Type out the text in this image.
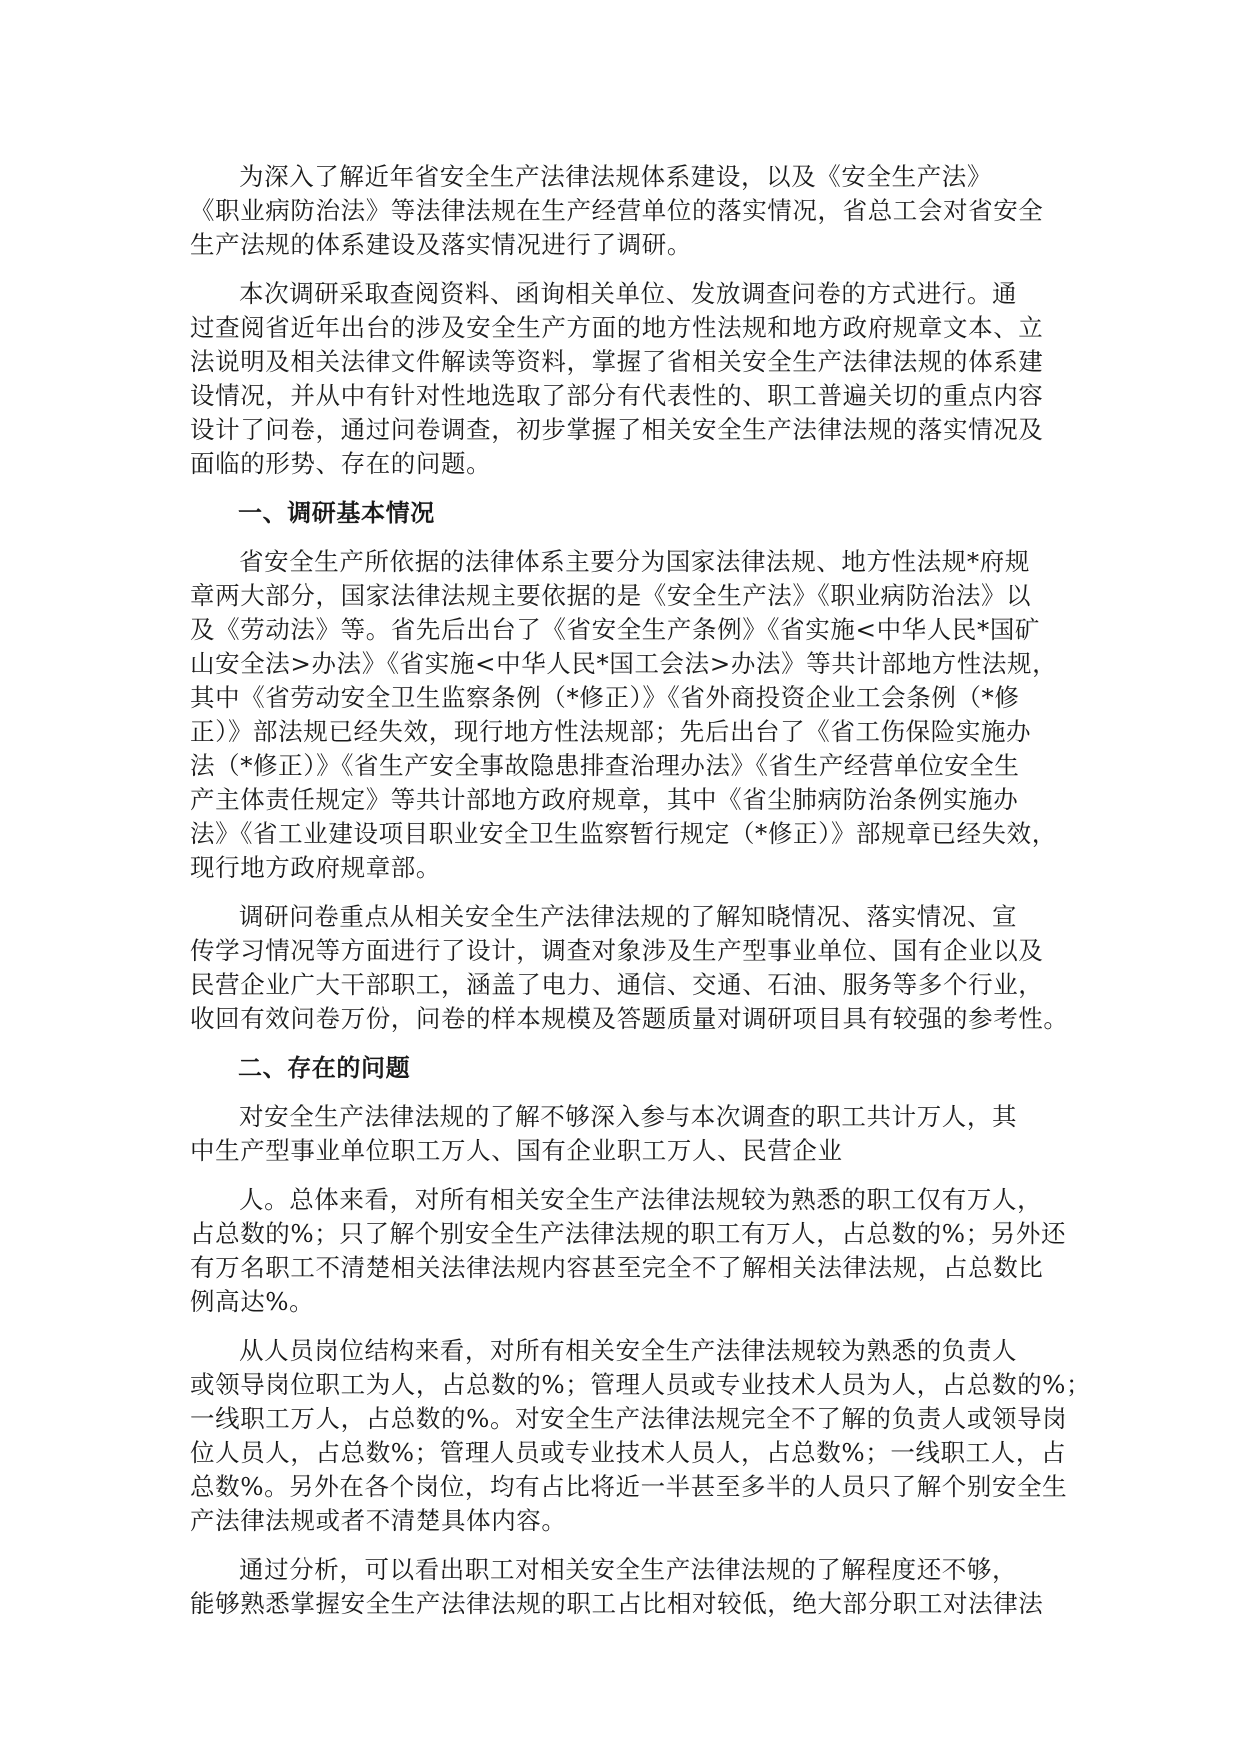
为深入了解近年省安全生产法律法规体系建设，以及《安全生产法》
《职业病防治法》等法律法规在生产经营单位的落实情况，省总工会对省安全
生产法规的体系建设及落实情况进行了调研。
本次调研采取查阅资料、函询相关单位、发放调查问卷的方式进行。通
过查阅省近年出台的涉及安全生产方面的地方性法规和地方政府规章文本、立
法说明及相关法律文件解读等资料，掌握了省相关安全生产法律法规的体系建
设情况，并从中有针对性地选取了部分有代表性的、职工普遍关切的重点内容
设计了问卷，通过问卷调查，初步掌握了相关安全生产法律法规的落实情况及
面临的形势、存在的问题。
一、调研基本情况
省安全生产所依据的法律体系主要分为国家法律法规、地方性法规*府规
章两大部分，国家法律法规主要依据的是《安全生产法》《职业病防治法》以
及《劳动法》等。省先后出台了《省安全生产条例》《省实施<中华人民*国矿
山安全法>办法》《省实施<中华人民*国工会法>办法》等共计部地方性法规，
其中《省劳动安全卫生监察条例（*修正）》《省外商投资企业工会条例（*修
正）》部法规已经失效，现行地方性法规部；先后出台了《省工伤保险实施办
法（*修正）》《省生产安全事故隐患排查治理办法》《省生产经营单位安全生
产主体责任规定》等共计部地方政府规章，其中《省尘肺病防治条例实施办
法》《省工业建设项目职业安全卫生监察暂行规定（*修正）》部规章已经失效，
现行地方政府规章部。
调研问卷重点从相关安全生产法律法规的了解知晓情况、落实情况、宣
传学习情况等方面进行了设计，调查对象涉及生产型事业单位、国有企业以及
民营企业广大干部职工，涵盖了电力、通信、交通、石油、服务等多个行业，
收回有效问卷万份，问卷的样本规模及答题质量对调研项目具有较强的参考性。
二、存在的问题
对安全生产法律法规的了解不够深入参与本次调查的职工共计万人，其
中生产型事业单位职工万人、国有企业职工万人、民营企业
人。总体来看，对所有相关安全生产法律法规较为熟悉的职工仅有万人，
占总数的%；只了解个别安全生产法律法规的职工有万人，占总数的%；另外还
有万名职工不清楚相关法律法规内容甚至完全不了解相关法律法规，占总数比
例高达%。
从人员岗位结构来看，对所有相关安全生产法律法规较为熟悉的负责人
或领导岗位职工为人，占总数的%；管理人员或专业技术人员为人，占总数的%；
一线职工万人，占总数的%。对安全生产法律法规完全不了解的负责人或领导岗
位人员人，占总数%；管理人员或专业技术人员人，占总数%；一线职工人，占
总数%。另外在各个岗位，均有占比将近一半甚至多半的人员只了解个别安全生
产法律法规或者不清楚具体内容。
通过分析，可以看出职工对相关安全生产法律法规的了解程度还不够，
能够熟悉掌握安全生产法律法规的职工占比相对较低，绝大部分职工对法律法
